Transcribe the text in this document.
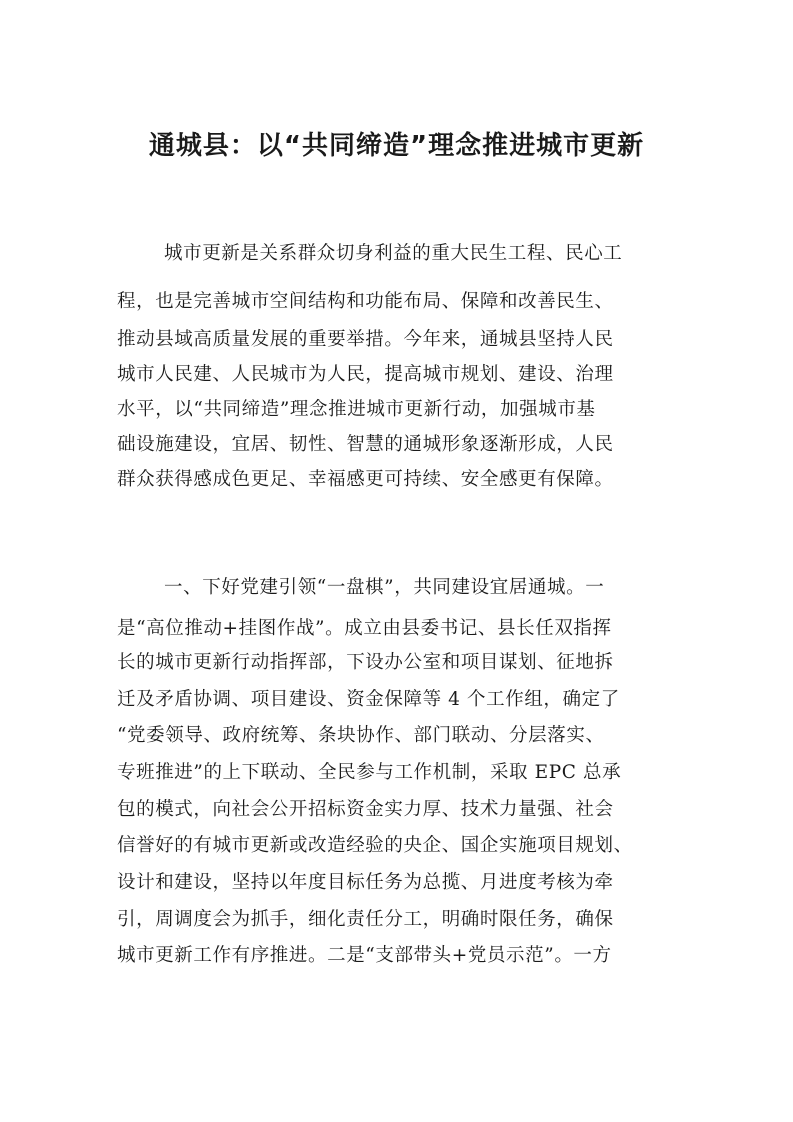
通城县：以“共同缔造”理念推进城市更新
城市更新是关系群众切身利益的重大民生工程、民心工
程，也是完善城市空间结构和功能布局、保障和改善民生、
推动县域高质量发展的重要举措。今年来，通城县坚持人民
城市人民建、人民城市为人民，提高城市规划、建设、治理
水平，以“共同缔造”理念推进城市更新行动，加强城市基
础设施建设，宜居、韧性、智慧的通城形象逐渐形成，人民
群众获得感成色更足、幸福感更可持续、安全感更有保障。
一、下好党建引领“一盘棋”，共同建设宜居通城。一
是“高位推动+挂图作战”。成立由县委书记、县长任双指挥
长的城市更新行动指挥部，下设办公室和项目谋划、征地拆
迁及矛盾协调、项目建设、资金保障等 4 个工作组，确定了
“党委领导、政府统筹、条块协作、部门联动、分层落实、
专班推进”的上下联动、全民参与工作机制，采取 EPC 总承
包的模式，向社会公开招标资金实力厚、技术力量强、社会
信誉好的有城市更新或改造经验的央企、国企实施项目规划、
设计和建设，坚持以年度目标任务为总揽、月进度考核为牵
引，周调度会为抓手，细化责任分工，明确时限任务，确保
城市更新工作有序推进。二是“支部带头+党员示范”。一方
